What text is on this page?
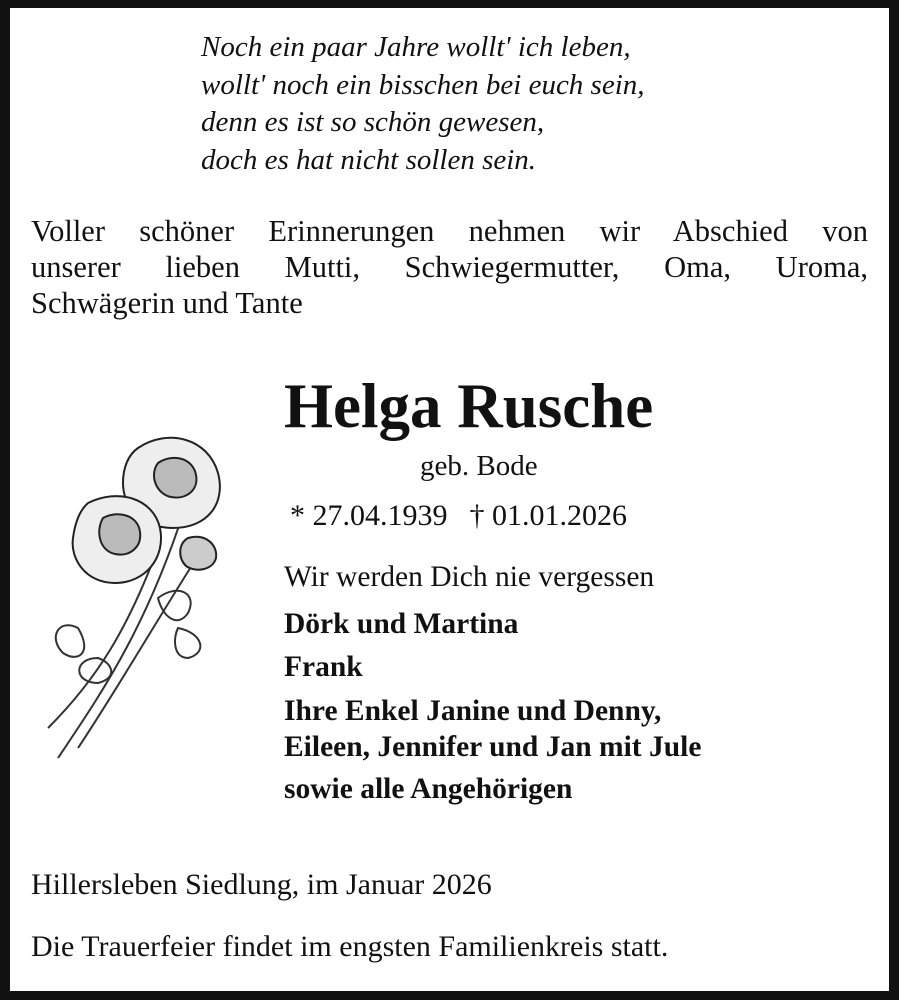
Noch ein paar Jahre wollt' ich leben,
wollt' noch ein bisschen bei euch sein,
denn es ist so schön gewesen,
doch es hat nicht sollen sein.
Voller schöner Erinnerungen nehmen wir Abschied von
unserer lieben Mutti, Schwiegermutter, Oma, Uroma,
Schwägerin und Tante
Helga Rusche
geb. Bode
* 27.04.1939 † 01.01.2026
Wir werden Dich nie vergessen
Dörk und Martina
Frank
Ihre Enkel Janine und Denny,
Eileen, Jennifer und Jan mit Jule
sowie alle Angehörigen
Hillersleben Siedlung, im Januar 2026
Die Trauerfeier findet im engsten Familienkreis statt.
